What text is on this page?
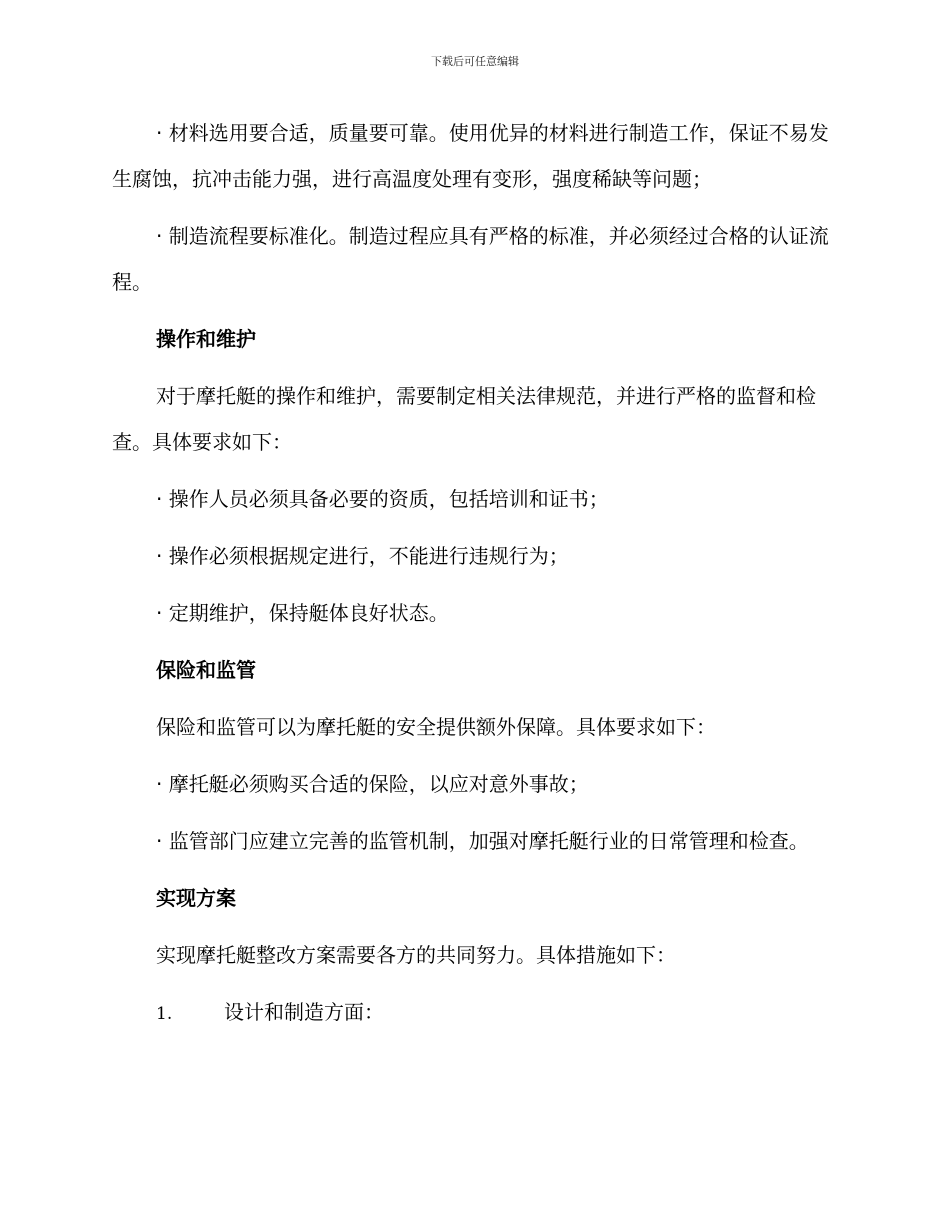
下载后可任意编辑

· 材料选用要合适，质量要可靠。使用优异的材料进行制造工作，保证不易发生腐蚀，抗冲击能力强，进行高温度处理有变形，强度稀缺等问题；

· 制造流程要标准化。制造过程应具有严格的标准，并必须经过合格的认证流程。

操作和维护

对于摩托艇的操作和维护，需要制定相关法律规范，并进行严格的监督和检查。具体要求如下：

· 操作人员必须具备必要的资质，包括培训和证书；

· 操作必须根据规定进行，不能进行违规行为；

· 定期维护，保持艇体良好状态。

保险和监管

保险和监管可以为摩托艇的安全提供额外保障。具体要求如下：

· 摩托艇必须购买合适的保险，以应对意外事故；

· 监管部门应建立完善的监管机制，加强对摩托艇行业的日常管理和检查。

实现方案

实现摩托艇整改方案需要各方的共同努力。具体措施如下：

1.	设计和制造方面：
